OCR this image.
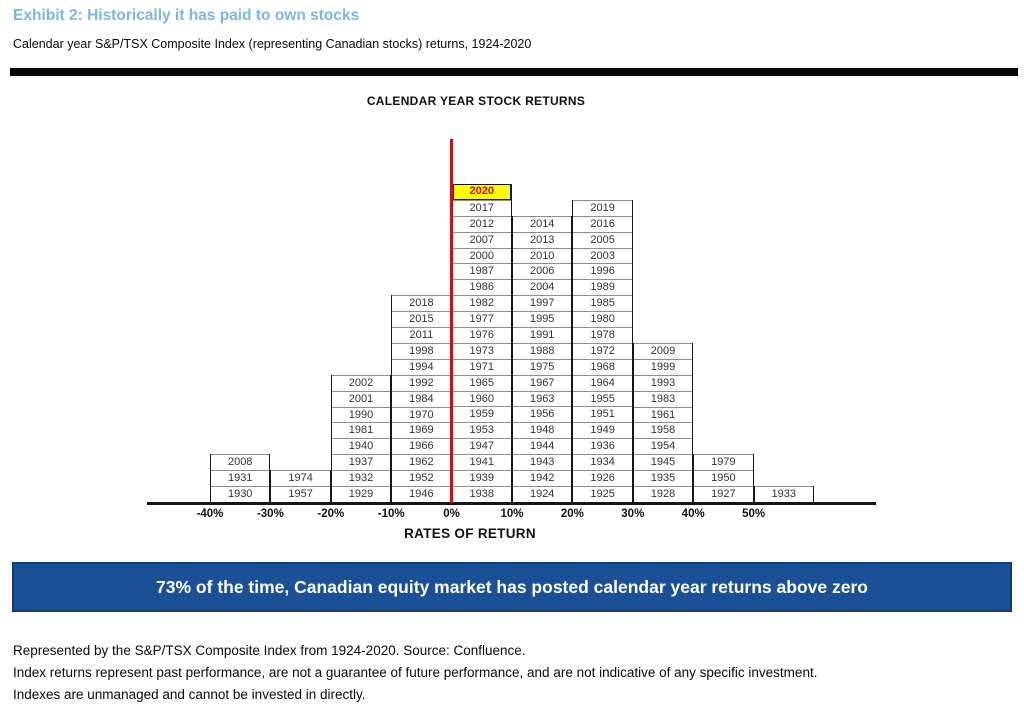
Exhibit 2: Historically it has paid to own stocks
Calendar year S&P/TSX Composite Index (representing Canadian stocks) returns, 1924-2020
CALENDAR YEAR STOCK RETURNS
2008
1931
1930
1974
1957
2002
2001
1990
1981
1940
1937
1932
1929
2018
2015
2011
1998
1994
1992
1984
1970
1969
1966
1962
1952
1946
2020
2017
2012
2007
2000
1987
1986
1982
1977
1976
1973
1971
1965
1960
1959
1953
1947
1941
1939
1938
2014
2013
2010
2006
2004
1997
1995
1991
1988
1975
1967
1963
1956
1948
1944
1943
1942
1924
2019
2016
2005
2003
1996
1989
1985
1980
1978
1972
1968
1964
1955
1951
1949
1936
1934
1926
1925
2009
1999
1993
1983
1961
1958
1954
1945
1935
1928
1979
1950
1927	1933
-40%	-30%	-20%	-10%	0%	10%	20%	30%	40%	50%
RATES OF RETURN
73% of the time, Canadian equity market has posted calendar year returns above zero
Represented by the S&P/TSX Composite Index from 1924-2020. Source: Confluence.
Index returns represent past performance, are not a guarantee of future performance, and are not indicative of any specific investment.
Indexes are unmanaged and cannot be invested in directly.
